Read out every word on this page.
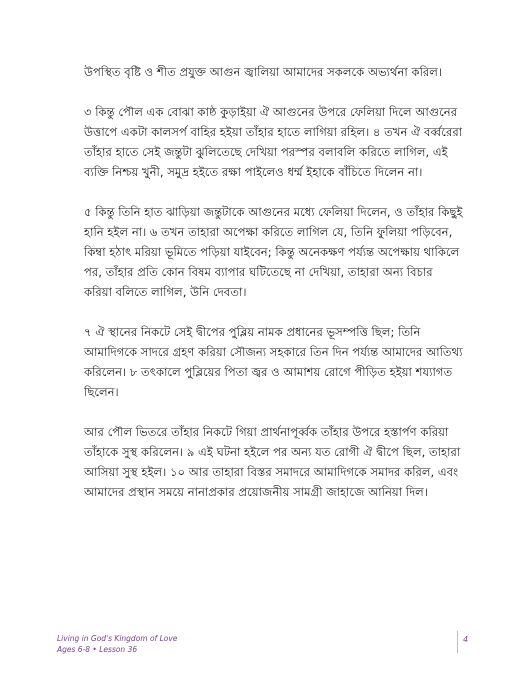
উপস্থিত বৃষ্টি ও শীত প্রযুক্ত আগুন জ্বালিয়া আমাদের সকলকে অভ্যর্থনা করিল।

৩ কিন্তু পৌল এক বোঝা কাষ্ঠ কুড়াইয়া ঐ আগুনের উপরে ফেলিয়া দিলে আগুনের উত্তাপে একটা কালসর্প বাহির হইয়া তাঁহার হাতে লাগিয়া রহিল। ৪ তখন ঐ বর্ব্বরেরা তাঁহার হাতে সেই জন্তুটা ঝুলিতেছে দেখিয়া পরস্পর বলাবলি করিতে লাগিল, এই ব্যক্তি নিশ্চয় খুনী, সমুদ্র হইতে রক্ষা পাইলেও ধর্ম্ম ইহাকে বাঁচিতে দিলেন না।

৫ কিন্তু তিনি হাত ঝাড়িয়া জন্তুটাকে আগুনের মধ্যে ফেলিয়া দিলেন, ও তাঁহার কিছুই হানি হইল না। ৬ তখন তাহারা অপেক্ষা করিতে লাগিল যে, তিনি ফুলিয়া পড়িবেন, কিম্বা হঠাৎ মরিয়া ভূমিতে পড়িয়া যাইবেন; কিন্তু অনেকক্ষণ পর্য্যন্ত অপেক্ষায় থাকিলে পর, তাঁহার প্রতি কোন বিষম ব্যাপার ঘটিতেছে না দেখিয়া, তাহারা অন্য বিচার করিয়া বলিতে লাগিল, উনি দেবতা।

৭ ঐ স্থানের নিকটে সেই দ্বীপের পুব্লিয় নামক প্রধানের ভূসম্পত্তি ছিল; তিনি আমাদিগকে সাদরে গ্রহণ করিয়া সৌজন্য সহকারে তিন দিন পর্য্যন্ত আমাদের আতিথ্য করিলেন। ৮ তৎকালে পুব্লিয়ের পিতা জ্বর ও আমাশয় রোগে পীড়িত হইয়া শয্যাগত ছিলেন।

আর পৌল ভিতরে তাঁহার নিকটে গিয়া প্রার্থনাপূর্ব্বক তাঁহার উপরে হস্তার্পণ করিয়া তাঁহাকে সুস্থ করিলেন। ৯ এই ঘটনা হইলে পর অন্য যত রোগী ঐ দ্বীপে ছিল, তাহারা আসিয়া সুস্থ হইল। ১০ আর তাহারা বিস্তর সমাদরে আমাদিগকে সমাদর করিল, এবং আমাদের প্রস্থান সময়ে নানাপ্রকার প্রয়োজনীয় সামগ্রী জাহাজে আনিয়া দিল।

Living in God's Kingdom of Love
Ages 6-8 • Lesson 36
4
